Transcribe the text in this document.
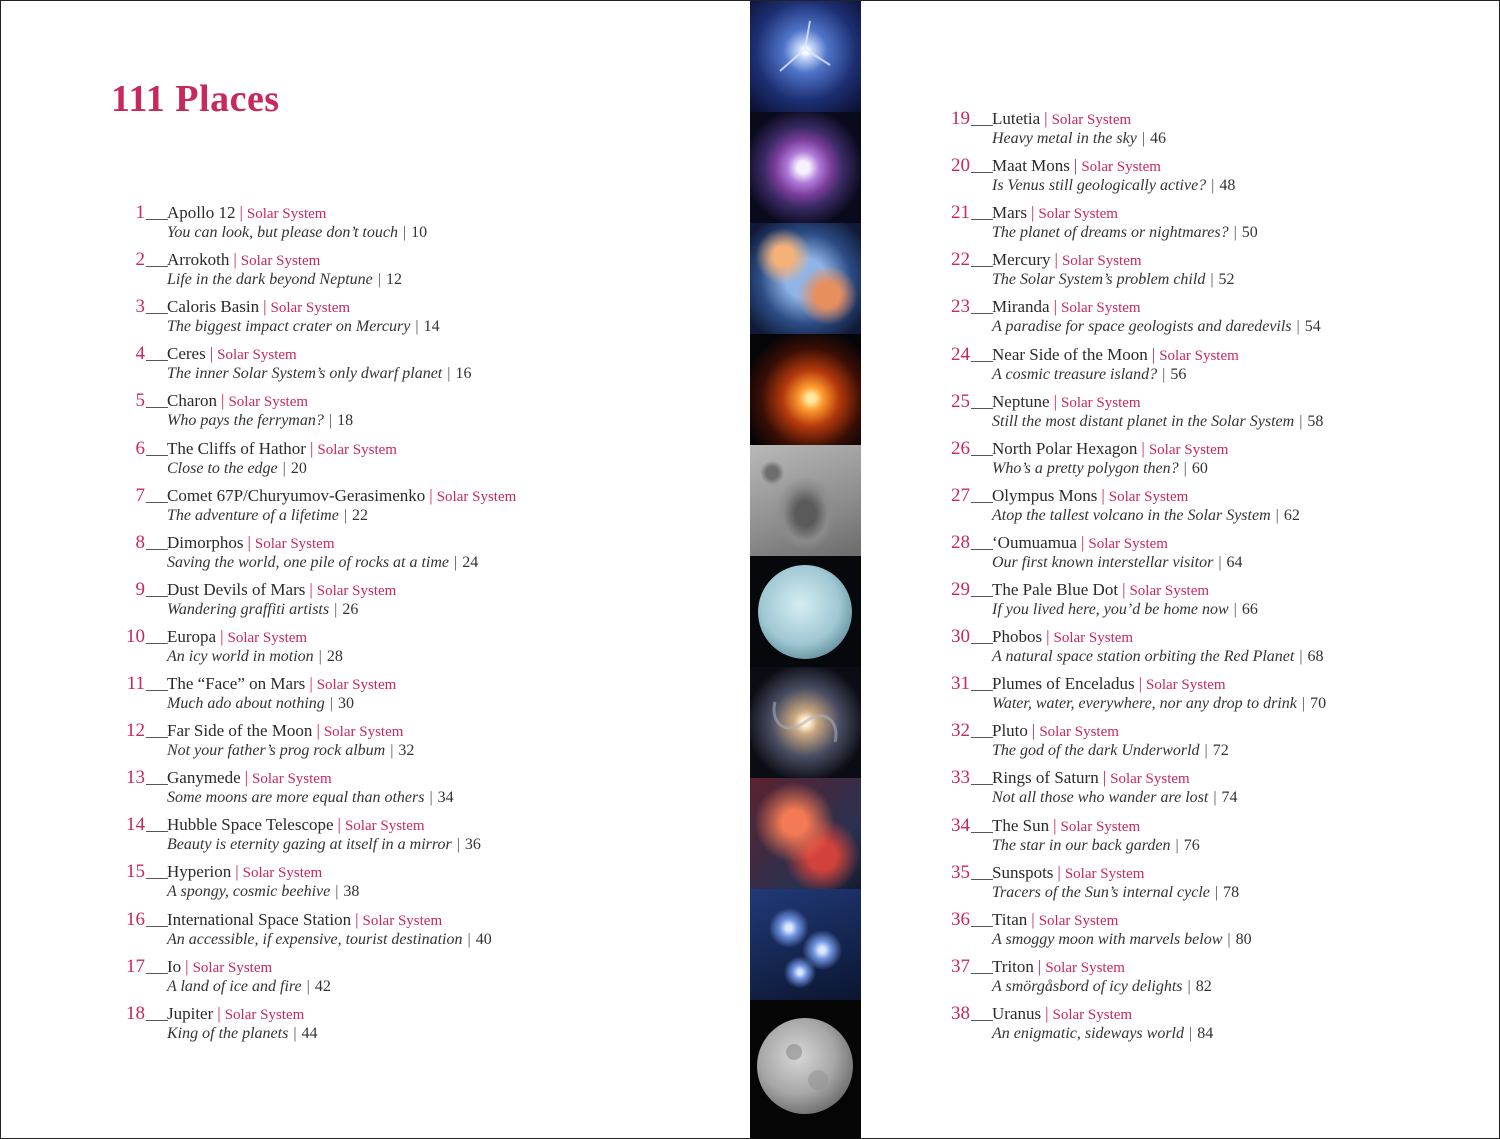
111 Places
1 Apollo 12 | Solar System
You can look, but please don’t touch | 10
2 Arrokoth | Solar System
Life in the dark beyond Neptune | 12
3 Caloris Basin | Solar System
The biggest impact crater on Mercury | 14
4 Ceres | Solar System
The inner Solar System’s only dwarf planet | 16
5 Charon | Solar System
Who pays the ferryman? | 18
6 The Cliffs of Hathor | Solar System
Close to the edge | 20
7 Comet 67P/Churyumov-Gerasimenko | Solar System
The adventure of a lifetime | 22
8 Dimorphos | Solar System
Saving the world, one pile of rocks at a time | 24
9 Dust Devils of Mars | Solar System
Wandering graffiti artists | 26
10 Europa | Solar System
An icy world in motion | 28
11 The “Face” on Mars | Solar System
Much ado about nothing | 30
12 Far Side of the Moon | Solar System
Not your father’s prog rock album | 32
13 Ganymede | Solar System
Some moons are more equal than others | 34
14 Hubble Space Telescope | Solar System
Beauty is eternity gazing at itself in a mirror | 36
15 Hyperion | Solar System
A spongy, cosmic beehive | 38
16 International Space Station | Solar System
An accessible, if expensive, tourist destination | 40
17 Io | Solar System
A land of ice and fire | 42
18 Jupiter | Solar System
King of the planets | 44
19 Lutetia | Solar System
Heavy metal in the sky | 46
20 Maat Mons | Solar System
Is Venus still geologically active? | 48
21 Mars | Solar System
The planet of dreams or nightmares? | 50
22 Mercury | Solar System
The Solar System’s problem child | 52
23 Miranda | Solar System
A paradise for space geologists and daredevils | 54
24 Near Side of the Moon | Solar System
A cosmic treasure island? | 56
25 Neptune | Solar System
Still the most distant planet in the Solar System | 58
26 North Polar Hexagon | Solar System
Who’s a pretty polygon then? | 60
27 Olympus Mons | Solar System
Atop the tallest volcano in the Solar System | 62
28 ‘Oumuamua | Solar System
Our first known interstellar visitor | 64
29 The Pale Blue Dot | Solar System
If you lived here, you’d be home now | 66
30 Phobos | Solar System
A natural space station orbiting the Red Planet | 68
31 Plumes of Enceladus | Solar System
Water, water, everywhere, nor any drop to drink | 70
32 Pluto | Solar System
The god of the dark Underworld | 72
33 Rings of Saturn | Solar System
Not all those who wander are lost | 74
34 The Sun | Solar System
The star in our back garden | 76
35 Sunspots | Solar System
Tracers of the Sun’s internal cycle | 78
36 Titan | Solar System
A smoggy moon with marvels below | 80
37 Triton | Solar System
A smörgåsbord of icy delights | 82
38 Uranus | Solar System
An enigmatic, sideways world | 84
